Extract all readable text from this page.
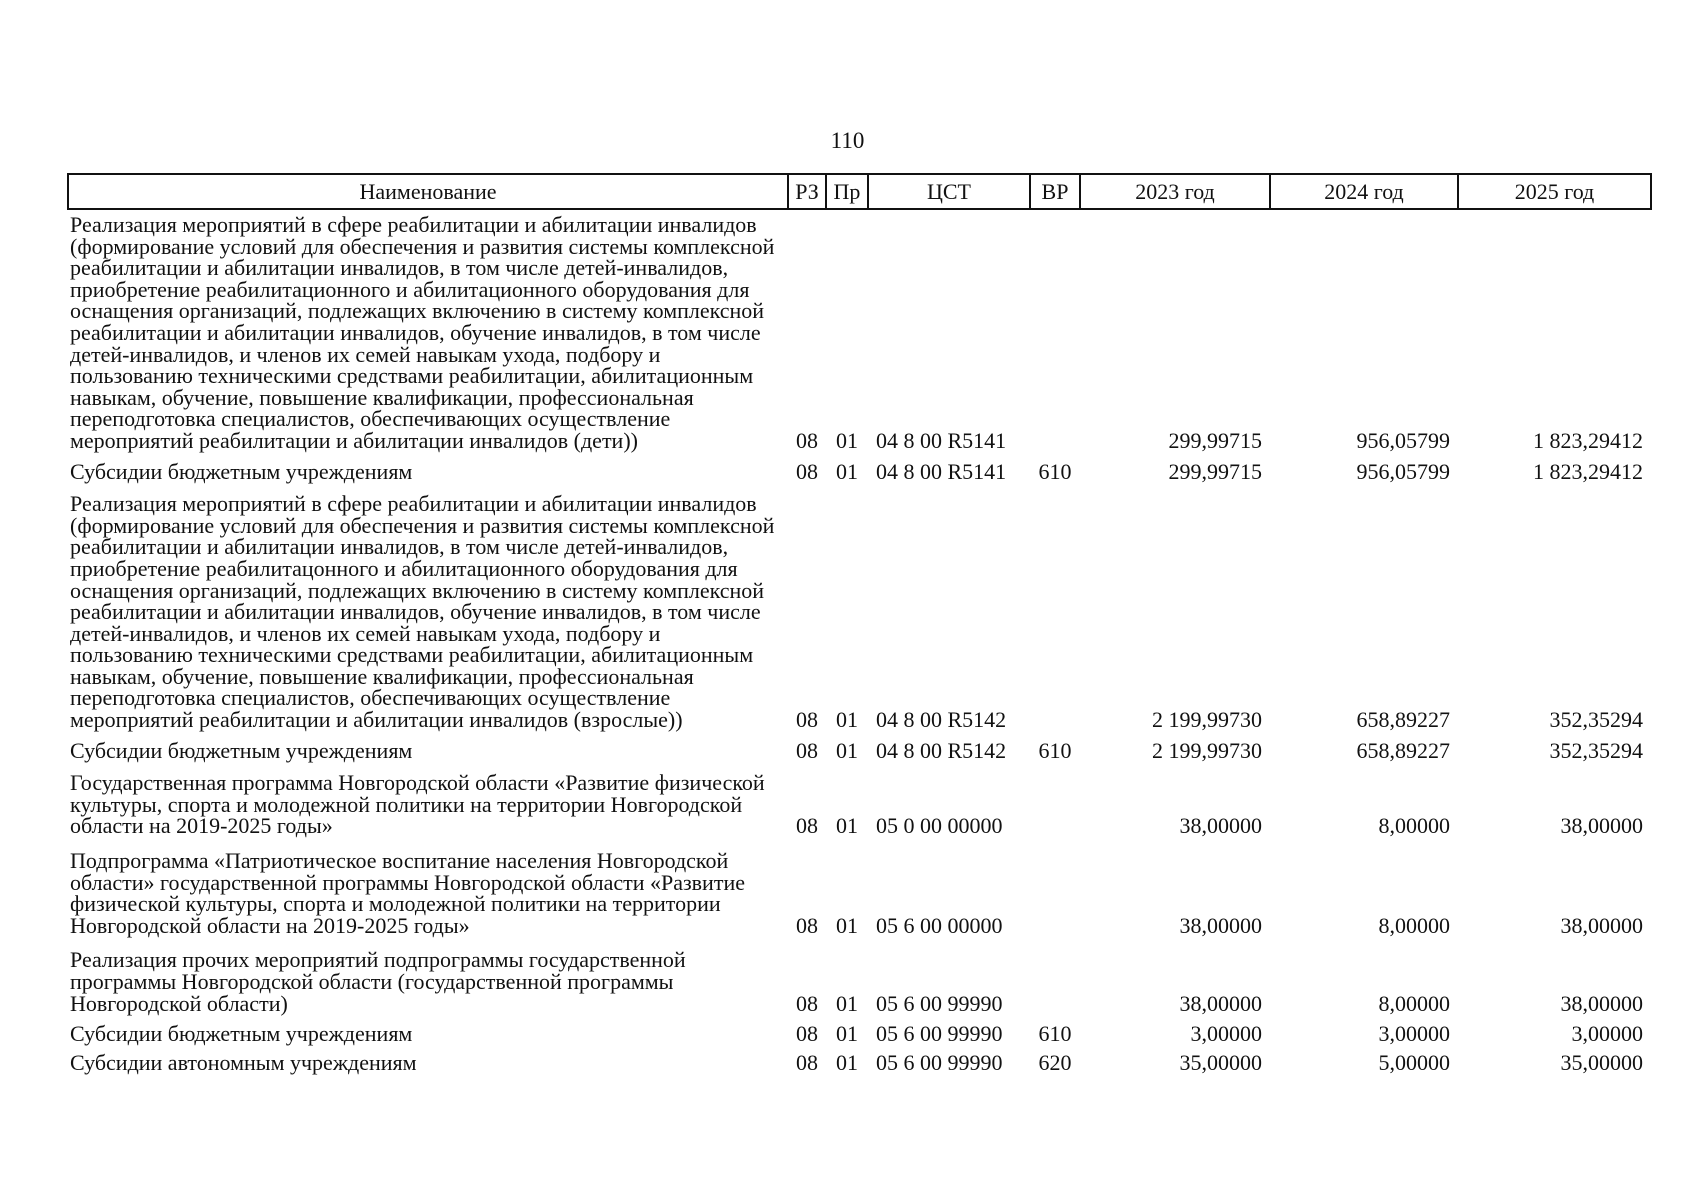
110
Наименование	РЗ	Пр	ЦСТ	ВР	2023 год	2024 год	2025 год
Реализация мероприятий в сфере реабилитации и абилитации инвалидов (формирование условий для обеспечения и развития системы комплексной реабилитации и абилитации инвалидов, в том числе детей-инвалидов, приобретение реабилитационного и абилитационного оборудования для оснащения организаций, подлежащих включению в систему комплексной реабилитации и абилитации инвалидов, обучение инвалидов, в том числе детей-инвалидов, и членов их семей навыкам ухода, подбору и пользованию техническими средствами реабилитации, абилитационным навыкам, обучение, повышение квалификации, профессиональная переподготовка специалистов, обеспечивающих осуществление мероприятий реабилитации и абилитации инвалидов (дети))	08	01	04 8 00 R5141		299,99715	956,05799	1 823,29412
Субсидии бюджетным учреждениям	08	01	04 8 00 R5141	610	299,99715	956,05799	1 823,29412
Реализация мероприятий в сфере реабилитации и абилитации инвалидов (формирование условий для обеспечения и развития системы комплексной реабилитации и абилитации инвалидов, в том числе детей-инвалидов, приобретение реабилитацонного и абилитационного оборудования для оснащения организаций, подлежащих включению в систему комплексной реабилитации и абилитации инвалидов, обучение инвалидов, в том числе детей-инвалидов, и членов их семей навыкам ухода, подбору и пользованию техническими средствами реабилитации, абилитационным навыкам, обучение, повышение квалификации, профессиональная переподготовка специалистов, обеспечивающих осуществление мероприятий реабилитации и абилитации инвалидов (взрослые))	08	01	04 8 00 R5142		2 199,99730	658,89227	352,35294
Субсидии бюджетным учреждениям	08	01	04 8 00 R5142	610	2 199,99730	658,89227	352,35294
Государственная программа Новгородской области «Развитие физической культуры, спорта и молодежной политики на территории Новгородской области на 2019-2025 годы»	08	01	05 0 00 00000		38,00000	8,00000	38,00000
Подпрограмма «Патриотическое воспитание населения Новгородской области» государственной программы Новгородской области «Развитие физической культуры, спорта и молодежной политики на территории Новгородской области на 2019-2025 годы»	08	01	05 6 00 00000		38,00000	8,00000	38,00000
Реализация прочих мероприятий подпрограммы государственной программы Новгородской области (государственной программы Новгородской области)	08	01	05 6 00 99990		38,00000	8,00000	38,00000
Субсидии бюджетным учреждениям	08	01	05 6 00 99990	610	3,00000	3,00000	3,00000
Субсидии автономным учреждениям	08	01	05 6 00 99990	620	35,00000	5,00000	35,00000
